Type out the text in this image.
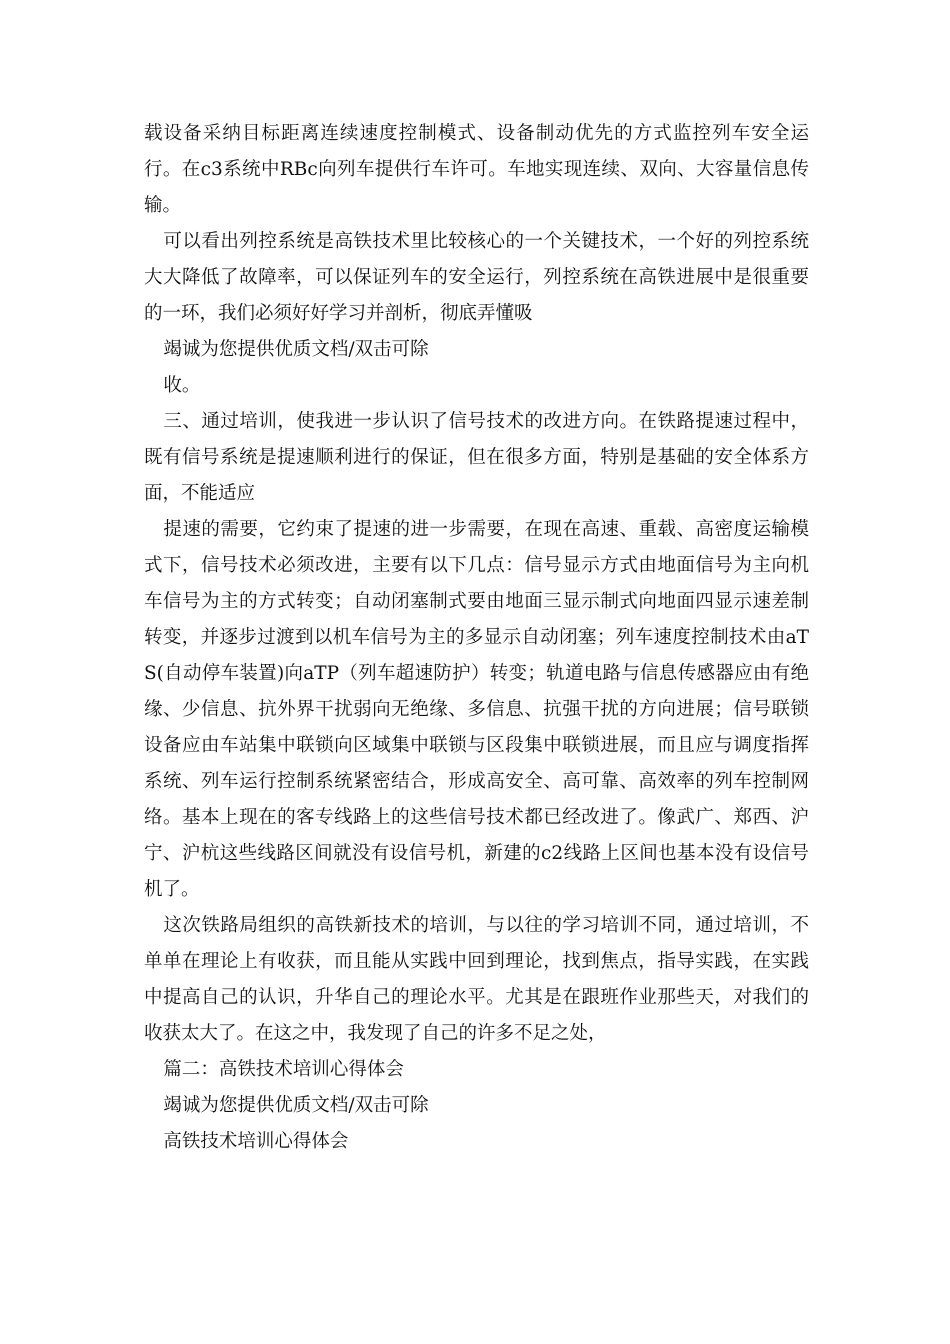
载设备采纳目标距离连续速度控制模式、设备制动优先的方式监控列车安全运行。在c3系统中RBc向列车提供行车许可。车地实现连续、双向、大容量信息传输。

可以看出列控系统是高铁技术里比较核心的一个关键技术，一个好的列控系统大大降低了故障率，可以保证列车的安全运行，列控系统在高铁进展中是很重要的一环，我们必须好好学习并剖析，彻底弄懂吸

竭诚为您提供优质文档/双击可除

收。

三、通过培训，使我进一步认识了信号技术的改进方向。在铁路提速过程中，既有信号系统是提速顺利进行的保证，但在很多方面，特别是基础的安全体系方面，不能适应

提速的需要，它约束了提速的进一步需要，在现在高速、重载、高密度运输模式下，信号技术必须改进，主要有以下几点：信号显示方式由地面信号为主向机车信号为主的方式转变；自动闭塞制式要由地面三显示制式向地面四显示速差制转变，并逐步过渡到以机车信号为主的多显示自动闭塞；列车速度控制技术由aTS(自动停车装置)向aTP（列车超速防护）转变；轨道电路与信息传感器应由有绝缘、少信息、抗外界干扰弱向无绝缘、多信息、抗强干扰的方向进展；信号联锁设备应由车站集中联锁向区域集中联锁与区段集中联锁进展，而且应与调度指挥系统、列车运行控制系统紧密结合，形成高安全、高可靠、高效率的列车控制网络。基本上现在的客专线路上的这些信号技术都已经改进了。像武广、郑西、沪宁、沪杭这些线路区间就没有设信号机，新建的c2线路上区间也基本没有设信号机了。

这次铁路局组织的高铁新技术的培训，与以往的学习培训不同，通过培训，不单单在理论上有收获，而且能从实践中回到理论，找到焦点，指导实践，在实践中提高自己的认识，升华自己的理论水平。尤其是在跟班作业那些天，对我们的收获太大了。在这之中，我发现了自己的许多不足之处，

篇二：高铁技术培训心得体会

竭诚为您提供优质文档/双击可除

高铁技术培训心得体会
